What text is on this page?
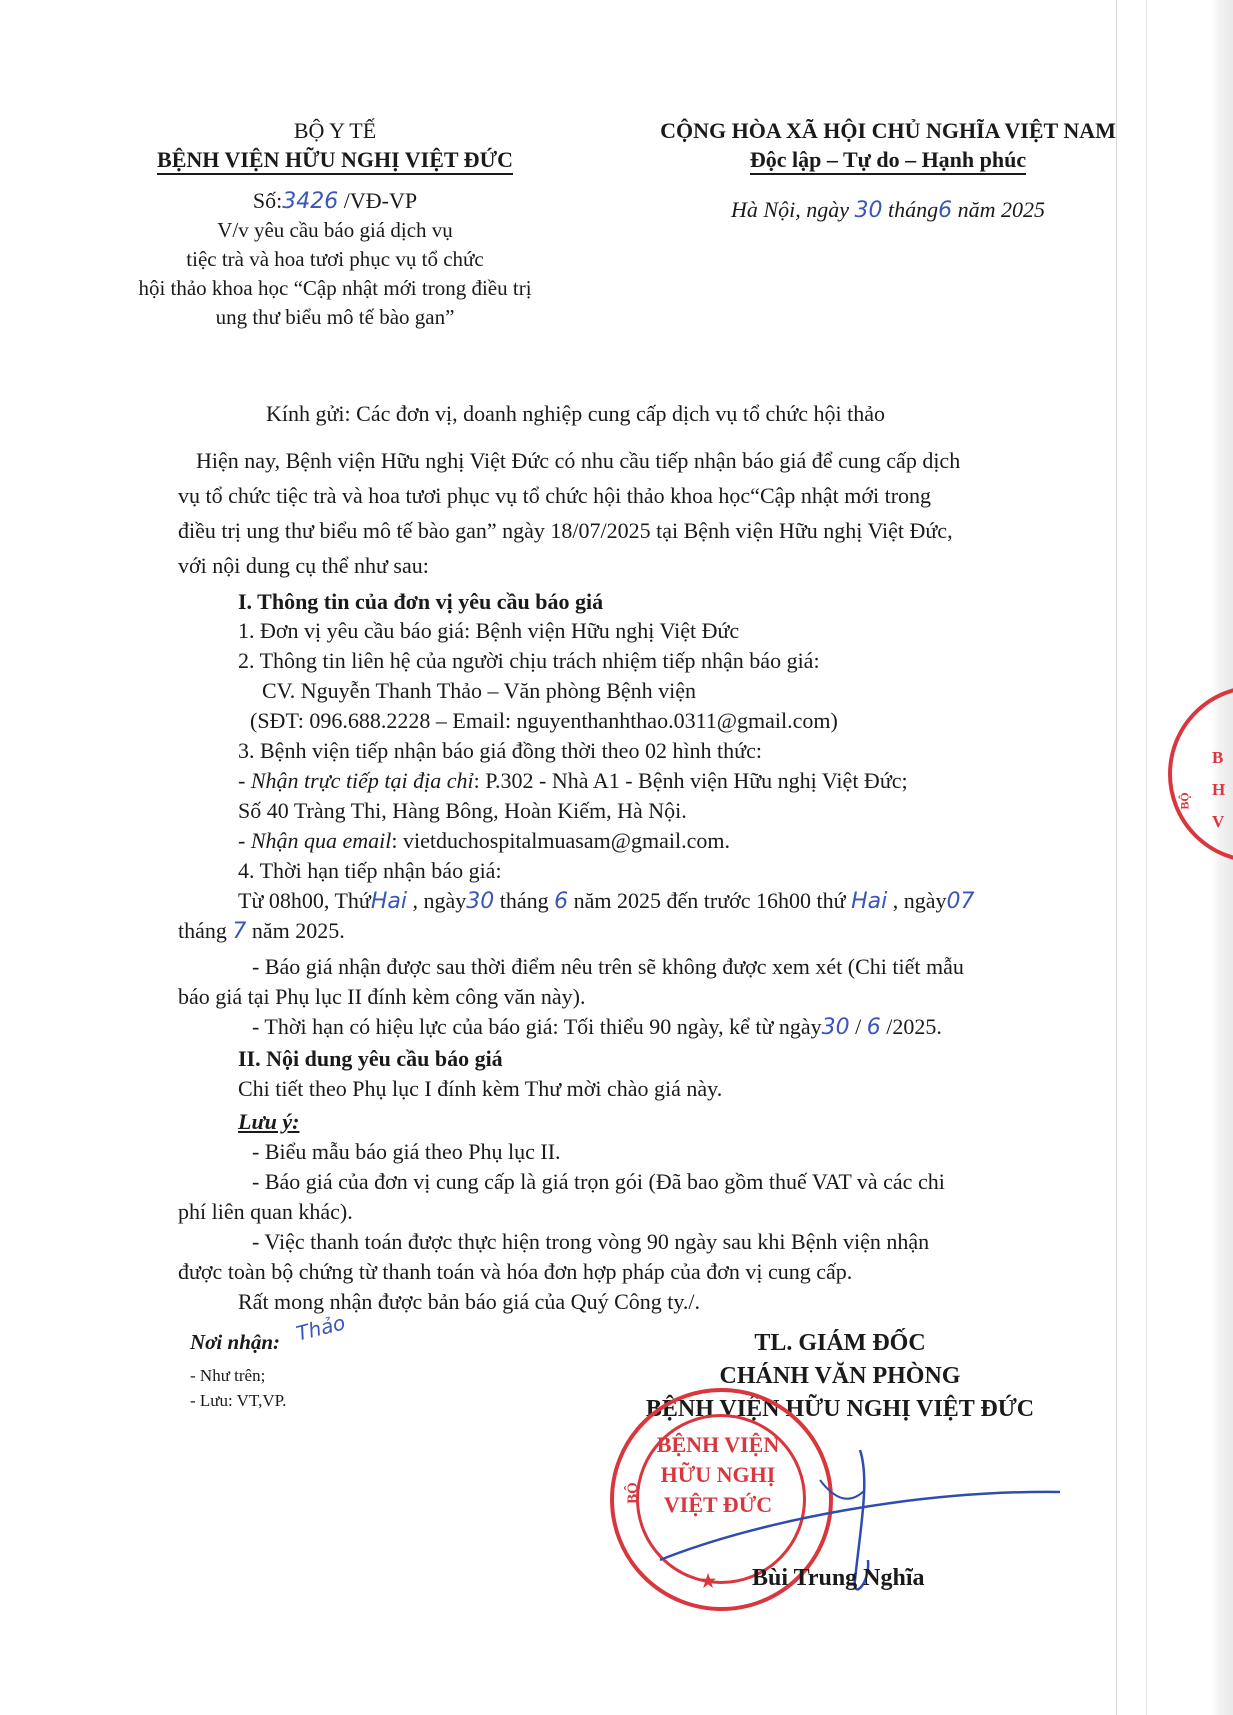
BỘ Y TẾ
BỆNH VIỆN HỮU NGHỊ VIỆT ĐỨC
Số:3426 /VĐ-VP
V/v yêu cầu báo giá dịch vụ
tiệc trà và hoa tươi phục vụ tổ chức
hội thảo khoa học “Cập nhật mới trong điều trị
ung thư biểu mô tế bào gan”
CỘNG HÒA XÃ HỘI CHỦ NGHĨA VIỆT NAM
Độc lập – Tự do – Hạnh phúc
Hà Nội, ngày 30 tháng6 năm 2025
Kính gửi: Các đơn vị, doanh nghiệp cung cấp dịch vụ tổ chức hội thảo
Hiện nay, Bệnh viện Hữu nghị Việt Đức có nhu cầu tiếp nhận báo giá để cung cấp dịch
vụ tổ chức tiệc trà và hoa tươi phục vụ tổ chức hội thảo khoa học“Cập nhật mới trong
điều trị ung thư biểu mô tế bào gan” ngày 18/07/2025 tại Bệnh viện Hữu nghị Việt Đức,
với nội dung cụ thể như sau:
I. Thông tin của đơn vị yêu cầu báo giá
1. Đơn vị yêu cầu báo giá: Bệnh viện Hữu nghị Việt Đức
2. Thông tin liên hệ của người chịu trách nhiệm tiếp nhận báo giá:
CV. Nguyễn Thanh Thảo – Văn phòng Bệnh viện
(SĐT: 096.688.2228 – Email: nguyenthanhthao.0311@gmail.com)
3. Bệnh viện tiếp nhận báo giá đồng thời theo 02 hình thức:
- Nhận trực tiếp tại địa chỉ: P.302 - Nhà A1 - Bệnh viện Hữu nghị Việt Đức;
Số 40 Tràng Thi, Hàng Bông, Hoàn Kiếm, Hà Nội.
- Nhận qua email: vietduchospitalmuasam@gmail.com.
4. Thời hạn tiếp nhận báo giá:
Từ 08h00, ThứHai , ngày30 tháng 6 năm 2025 đến trước 16h00 thứ Hai , ngày07
tháng 7 năm 2025.
- Báo giá nhận được sau thời điểm nêu trên sẽ không được xem xét (Chi tiết mẫu
báo giá tại Phụ lục II đính kèm công văn này).
- Thời hạn có hiệu lực của báo giá: Tối thiểu 90 ngày, kể từ ngày30 / 6 /2025.
II. Nội dung yêu cầu báo giá
Chi tiết theo Phụ lục I đính kèm Thư mời chào giá này.
Lưu ý:
- Biểu mẫu báo giá theo Phụ lục II.
- Báo giá của đơn vị cung cấp là giá trọn gói (Đã bao gồm thuế VAT và các chi
phí liên quan khác).
- Việc thanh toán được thực hiện trong vòng 90 ngày sau khi Bệnh viện nhận
được toàn bộ chứng từ thanh toán và hóa đơn hợp pháp của đơn vị cung cấp.
Rất mong nhận được bản báo giá của Quý Công ty./.
Nơi nhận: Thảo
- Như trên;
- Lưu: VT,VP.
TL. GIÁM ĐỐC
CHÁNH VĂN PHÒNG
BỆNH VIỆN HỮU NGHỊ VIỆT ĐỨC
BỆNH VIỆN
HỮU NGHỊ
VIỆT ĐỨC
BỘ
★ Bùi Trung Nghĩa
B
H
V
BỘ
